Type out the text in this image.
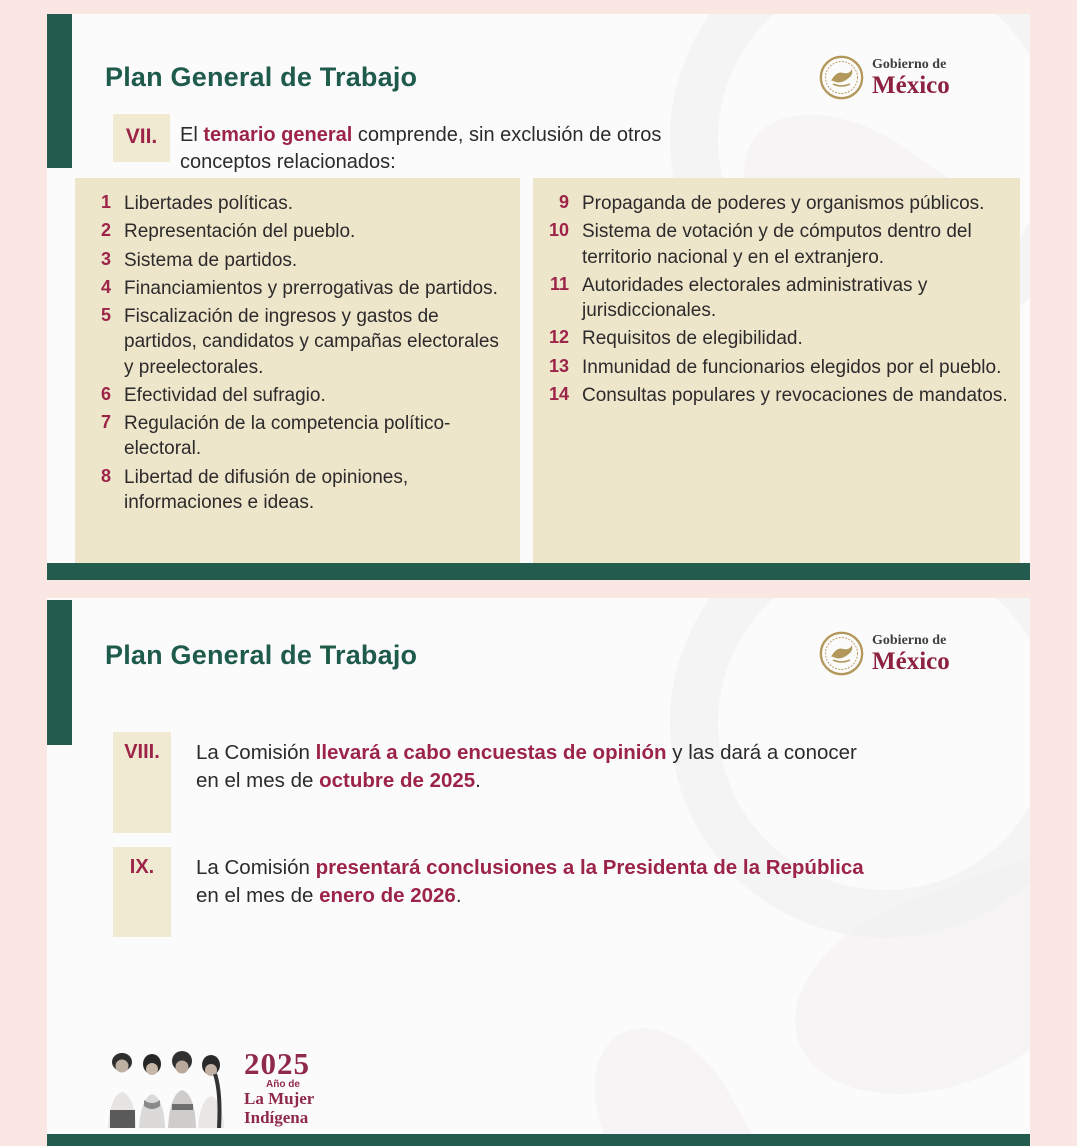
Plan General de Trabajo	Gobierno de
México
VII.	El temario general comprende, sin exclusión de otros conceptos relacionados:
1 Libertades políticas.
2 Representación del pueblo.
3 Sistema de partidos.
4 Financiamientos y prerrogativas de partidos.
5 Fiscalización de ingresos y gastos de partidos, candidatos y campañas electorales y preelectorales.
6 Efectividad del sufragio.
7 Regulación de la competencia político-electoral.
8 Libertad de difusión de opiniones, informaciones e ideas.
9 Propaganda de poderes y organismos públicos.
10 Sistema de votación y de cómputos dentro del territorio nacional y en el extranjero.
11 Autoridades electorales administrativas y jurisdiccionales.
12 Requisitos de elegibilidad.
13 Inmunidad de funcionarios elegidos por el pueblo.
14 Consultas populares y revocaciones de mandatos.
Plan General de Trabajo	Gobierno de
México
VIII.	La Comisión llevará a cabo encuestas de opinión y las dará a conocer en el mes de octubre de 2025.
IX.	La Comisión presentará conclusiones a la Presidenta de la República en el mes de enero de 2026.
2025
Año de
La Mujer
Indígena
